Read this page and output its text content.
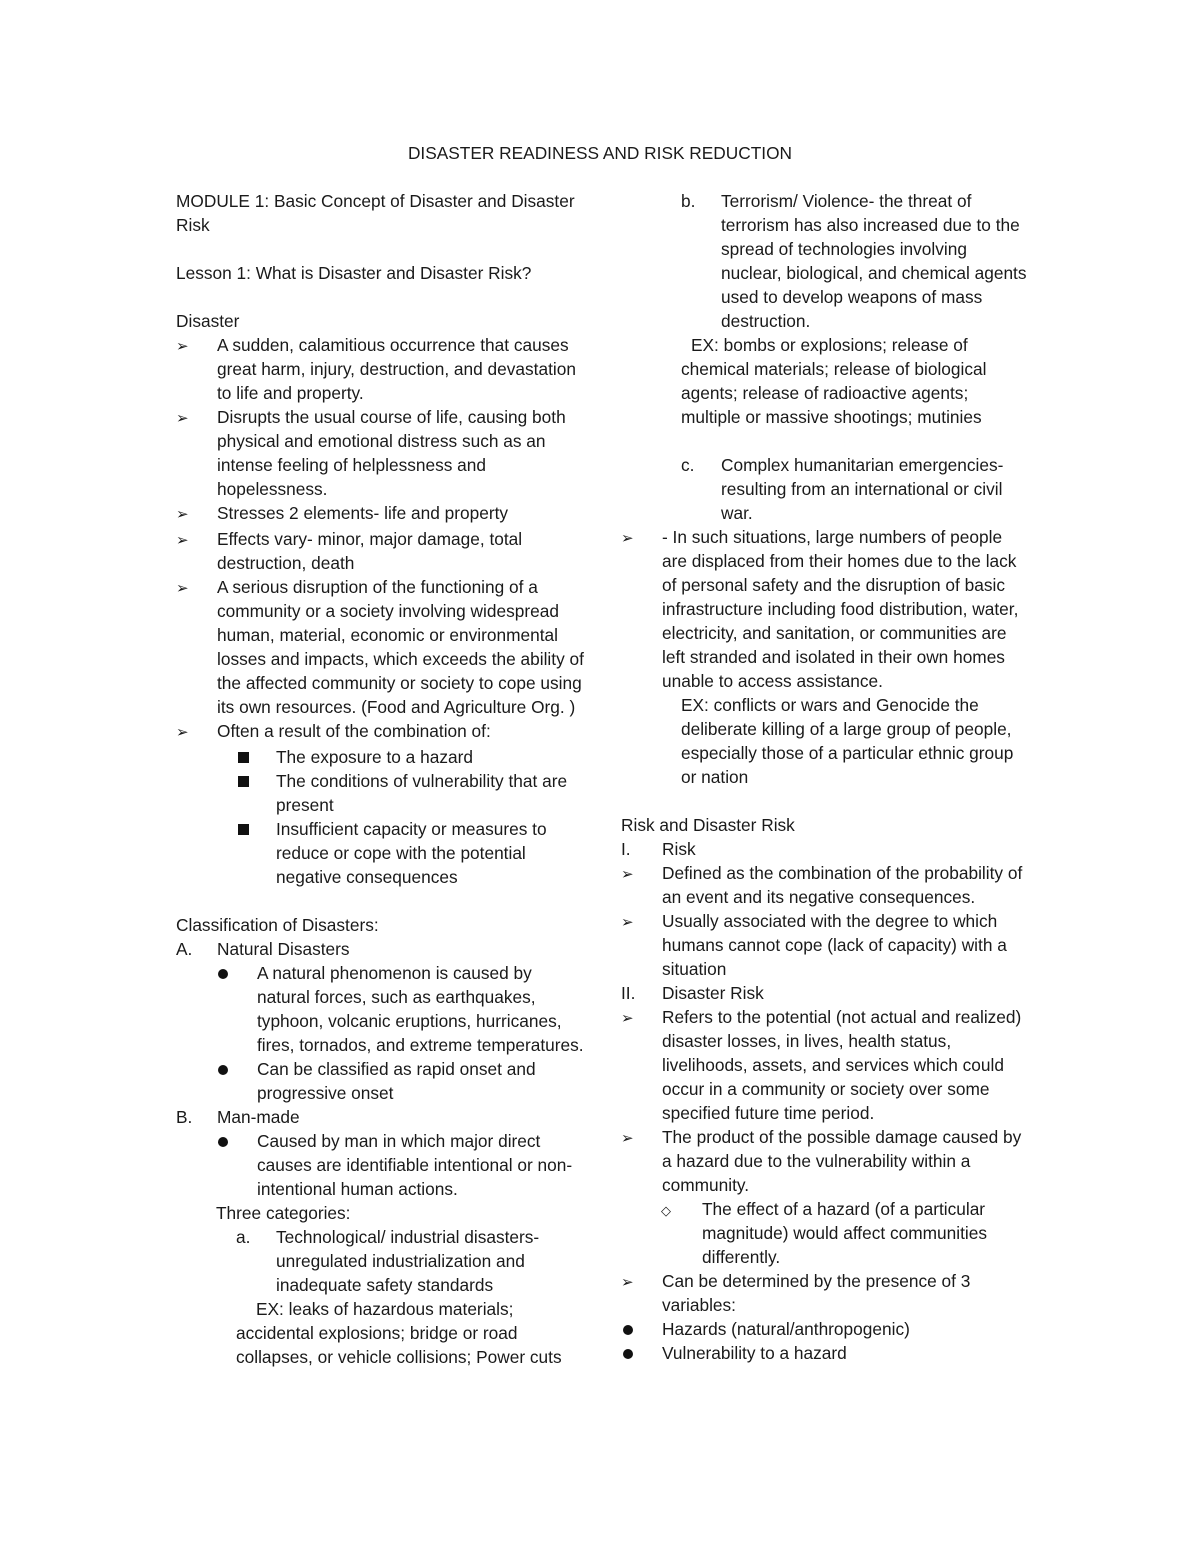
DISASTER READINESS AND RISK REDUCTION
MODULE 1: Basic Concept of Disaster and Disaster Risk
Lesson 1: What is Disaster and Disaster Risk?
Disaster
➢	A sudden, calamitious occurrence that causes great harm, injury, destruction, and devastation to life and property.
➢	Disrupts the usual course of life, causing both physical and emotional distress such as an intense feeling of helplessness and hopelessness.
➢	Stresses 2 elements- life and property
➢	Effects vary- minor, major damage, total destruction, death
➢	A serious disruption of the functioning of a community or a society involving widespread human, material, economic or environmental losses and impacts, which exceeds the ability of the affected community or society to cope using its own resources. (Food and Agriculture Org. )
➢	Often a result of the combination of:
The exposure to a hazard
The conditions of vulnerability that are present
Insufficient capacity or measures to reduce or cope with the potential negative consequences
Classification of Disasters:
A.	Natural Disasters
A natural phenomenon is caused by natural forces, such as earthquakes, typhoon, volcanic eruptions, hurricanes, fires, tornados, and extreme temperatures.
Can be classified as rapid onset and progressive onset
B.	Man-made
Caused by man in which major direct causes are identifiable intentional or non-intentional human actions.
Three categories:
a.	Technological/ industrial disasters- unregulated industrialization and inadequate safety standards
EX: leaks of hazardous materials; accidental explosions; bridge or road collapses, or vehicle collisions; Power cuts
b.	Terrorism/ Violence- the threat of terrorism has also increased due to the spread of technologies involving nuclear, biological, and chemical agents used to develop weapons of mass destruction.
EX: bombs or explosions; release of chemical materials; release of biological agents; release of radioactive agents; multiple or massive shootings; mutinies
c.	Complex humanitarian emergencies- resulting from an international or civil war.
➢	- In such situations, large numbers of people are displaced from their homes due to the lack of personal safety and the disruption of basic infrastructure including food distribution, water, electricity, and sanitation, or communities are left stranded and isolated in their own homes unable to access assistance.
EX: conflicts or wars and Genocide the deliberate killing of a large group of people, especially those of a particular ethnic group or nation
Risk and Disaster Risk
I.	Risk
➢	Defined as the combination of the probability of an event and its negative consequences.
➢	Usually associated with the degree to which humans cannot cope (lack of capacity) with a situation
II.	Disaster Risk
➢	Refers to the potential (not actual and realized) disaster losses, in lives, health status, livelihoods, assets, and services which could occur in a community or society over some specified future time period.
➢	The product of the possible damage caused by a hazard due to the vulnerability within a community.
◇	The effect of a hazard (of a particular magnitude) would affect communities differently.
➢	Can be determined by the presence of 3 variables:
Hazards (natural/anthropogenic)
Vulnerability to a hazard
